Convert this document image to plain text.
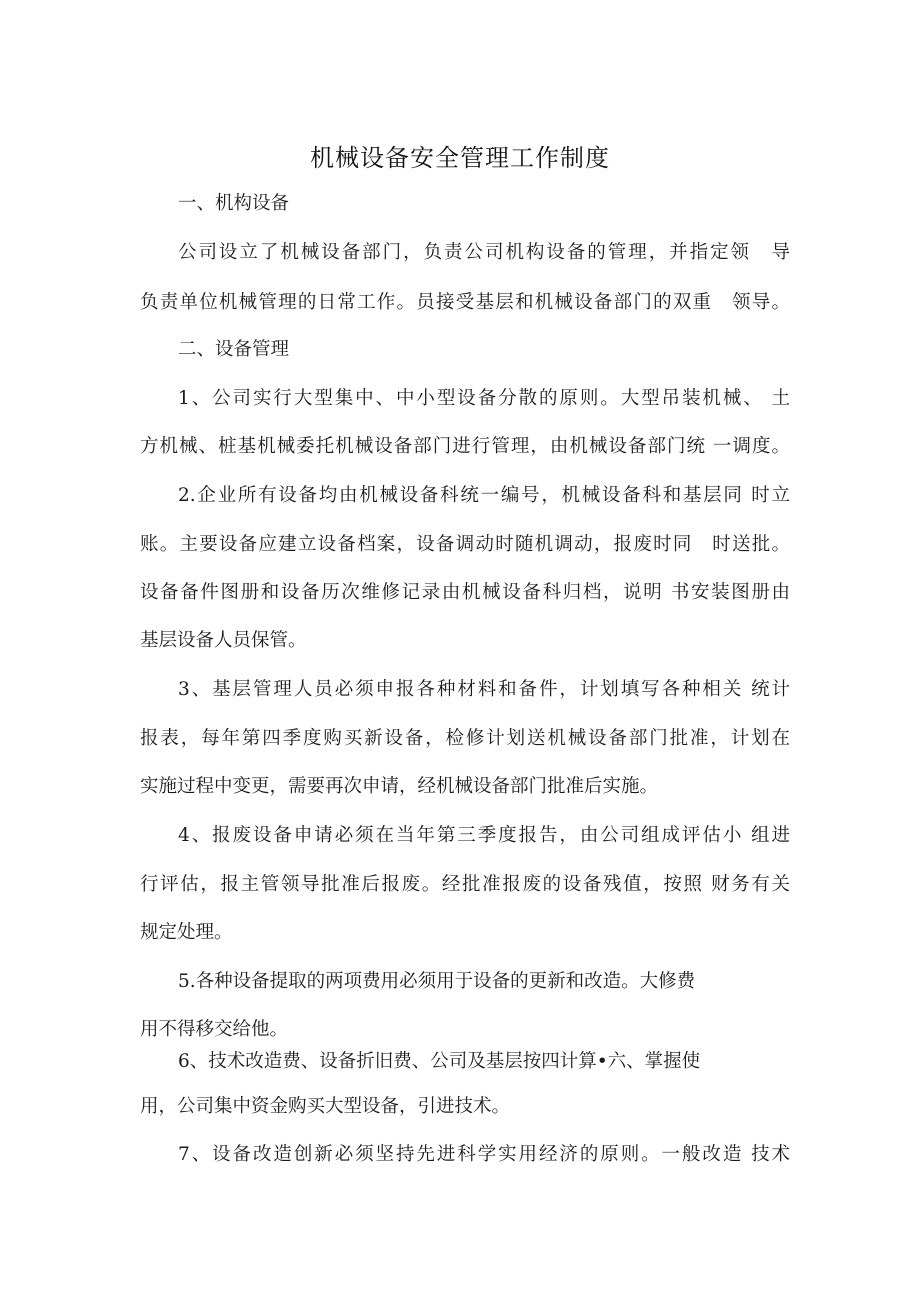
机械设备安全管理工作制度
一、机构设备
公司设立了机械设备部门，负责公司机构设备的管理，并指定领　导
负责单位机械管理的日常工作。员接受基层和机械设备部门的双重　领导。
二、设备管理
1、公司实行大型集中、中小型设备分散的原则。大型吊装机械、 土
方机械、桩基机械委托机械设备部门进行管理，由机械设备部门统 一调度。
2.企业所有设备均由机械设备科统一编号，机械设备科和基层同 时立
账。主要设备应建立设备档案，设备调动时随机调动，报废时同　时送批。
设备备件图册和设备历次维修记录由机械设备科归档，说明 书安装图册由
基层设备人员保管。
3、基层管理人员必须申报各种材料和备件，计划填写各种相关 统计
报表，每年第四季度购买新设备，检修计划送机械设备部门批准，计划在
实施过程中变更，需要再次申请，经机械设备部门批准后实施。
4、报废设备申请必须在当年第三季度报告，由公司组成评估小 组进
行评估，报主管领导批准后报废。经批准报废的设备残值，按照 财务有关
规定处理。
5.各种设备提取的两项费用必须用于设备的更新和改造。大修费
用不得移交给他。
6、技术改造费、设备折旧费、公司及基层按四计算•六、掌握使
用，公司集中资金购买大型设备，引进技术。
7、设备改造创新必须坚持先进科学实用经济的原则。一般改造 技术
